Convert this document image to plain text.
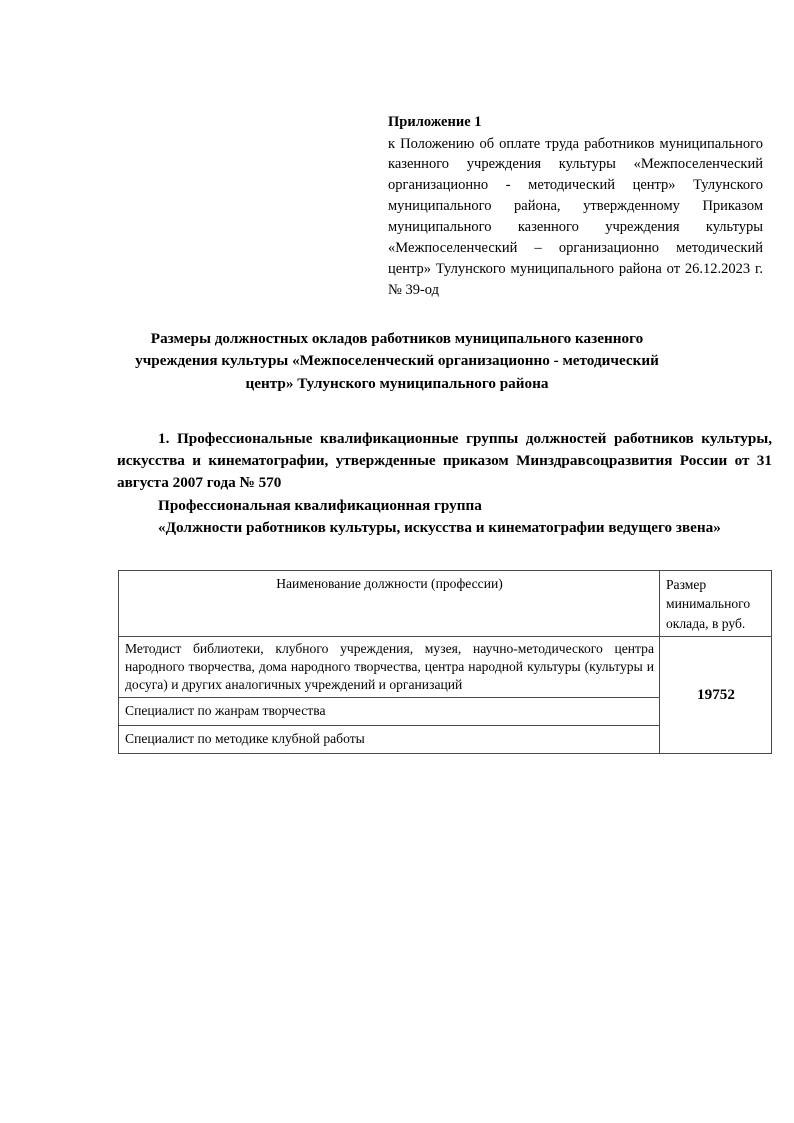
Приложение 1

к Положению об оплате труда работников муниципального казенного учреждения культуры «Межпоселенческий организационно - методический центр» Тулунского муниципального района, утвержденному Приказом муниципального казенного учреждения культуры «Межпоселенческий – организационно методический центр» Тулунского муниципального района от 26.12.2023 г. № 39-од

Размеры должностных окладов работников муниципального казенного учреждения культуры «Межпоселенческий организационно - методический центр» Тулунского муниципального района

1. Профессиональные квалификационные группы должностей работников культуры, искусства и кинематографии, утвержденные приказом Минздравсоцразвития России от 31 августа 2007 года № 570

Профессиональная квалификационная группа

«Должности работников культуры, искусства и кинематографии ведущего звена»

Наименование должности (профессии)	Размер минимального оклада, в руб.
Методист библиотеки, клубного учреждения, музея, научно-методического центра народного творчества, дома народного творчества, центра народной культуры (культуры и досуга) и других аналогичных учреждений и организаций	19752
Специалист по жанрам творчества	
Специалист по методике клубной работы	
